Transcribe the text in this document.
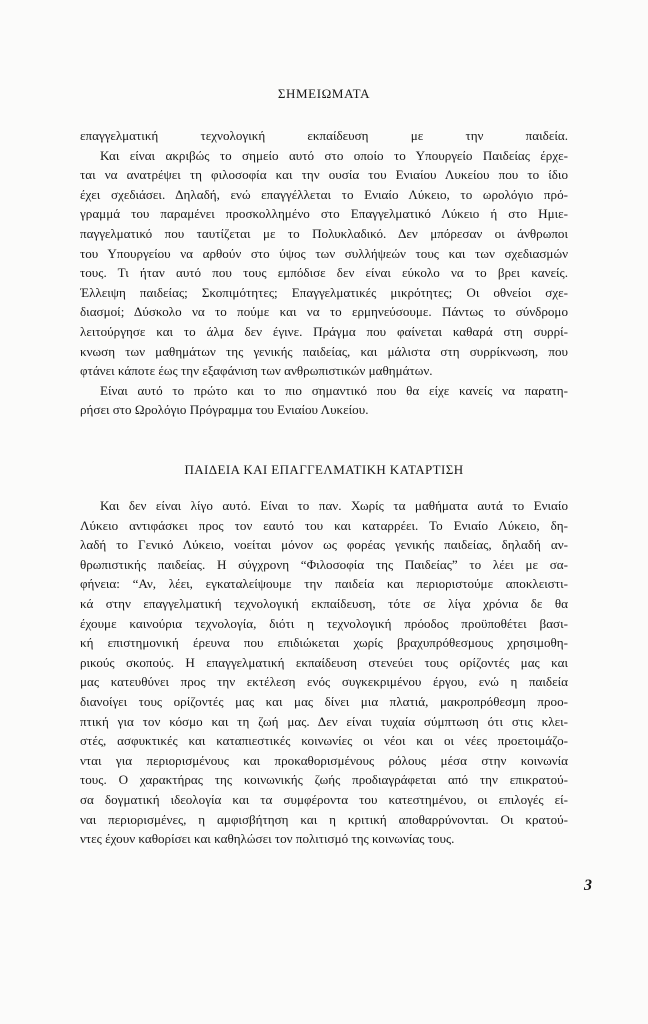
ΣΗΜΕΙΩΜΑΤΑ
επαγγελματική τεχνολογική εκπαίδευση με την παιδεία.
Και είναι ακριβώς το σημείο αυτό στο οποίο το Υπουργείο Παιδείας έρχε-
ται να ανατρέψει τη φιλοσοφία και την ουσία του Ενιαίου Λυκείου που το ίδιο
έχει σχεδιάσει. Δηλαδή, ενώ επαγγέλλεται το Ενιαίο Λύκειο, το ωρολόγιο πρό-
γραμμά του παραμένει προσκολλημένο στο Επαγγελματικό Λύκειο ή στο Ημιε-
παγγελματικό που ταυτίζεται με το Πολυκλαδικό. Δεν μπόρεσαν οι άνθρωποι
του Υπουργείου να αρθούν στο ύψος των συλλήψεών τους και των σχεδιασμών
τους. Τι ήταν αυτό που τους εμπόδισε δεν είναι εύκολο να το βρει κανείς.
Έλλειψη παιδείας; Σκοπιμότητες; Επαγγελματικές μικρότητες; Οι οθνείοι σχε-
διασμοί; Δύσκολο να το πούμε και να το ερμηνεύσουμε. Πάντως το σύνδρομο
λειτούργησε και το άλμα δεν έγινε. Πράγμα που φαίνεται καθαρά στη συρρί-
κνωση των μαθημάτων της γενικής παιδείας, και μάλιστα στη συρρίκνωση, που
φτάνει κάποτε έως την εξαφάνιση των ανθρωπιστικών μαθημάτων.
Είναι αυτό το πρώτο και το πιο σημαντικό που θα είχε κανείς να παρατη-
ρήσει στο Ωρολόγιο Πρόγραμμα του Ενιαίου Λυκείου.
ΠΑΙΔΕΙΑ ΚΑΙ ΕΠΑΓΓΕΛΜΑΤΙΚΗ ΚΑΤΑΡΤΙΣΗ
Και δεν είναι λίγο αυτό. Είναι το παν. Χωρίς τα μαθήματα αυτά το Ενιαίο
Λύκειο αντιφάσκει προς τον εαυτό του και καταρρέει. Το Ενιαίο Λύκειο, δη-
λαδή το Γενικό Λύκειο, νοείται μόνον ως φορέας γενικής παιδείας, δηλαδή αν-
θρωπιστικής παιδείας. Η σύγχρονη “Φιλοσοφία της Παιδείας” το λέει με σα-
φήνεια: “Αν, λέει, εγκαταλείψουμε την παιδεία και περιοριστούμε αποκλειστι-
κά στην επαγγελματική τεχνολογική εκπαίδευση, τότε σε λίγα χρόνια δε θα
έχουμε καινούρια τεχνολογία, διότι η τεχνολογική πρόοδος προϋποθέτει βασι-
κή επιστημονική έρευνα που επιδιώκεται χωρίς βραχυπρόθεσμους χρησιμοθη-
ρικούς σκοπούς. Η επαγγελματική εκπαίδευση στενεύει τους ορίζοντές μας και
μας κατευθύνει προς την εκτέλεση ενός συγκεκριμένου έργου, ενώ η παιδεία
διανοίγει τους ορίζοντές μας και μας δίνει μια πλατιά, μακροπρόθεσμη προο-
πτική για τον κόσμο και τη ζωή μας. Δεν είναι τυχαία σύμπτωση ότι στις κλει-
στές, ασφυκτικές και καταπιεστικές κοινωνίες οι νέοι και οι νέες προετοιμάζο-
νται για περιορισμένους και προκαθορισμένους ρόλους μέσα στην κοινωνία
τους. Ο χαρακτήρας της κοινωνικής ζωής προδιαγράφεται από την επικρατού-
σα δογματική ιδεολογία και τα συμφέροντα του κατεστημένου, οι επιλογές εί-
ναι περιορισμένες, η αμφισβήτηση και η κριτική αποθαρρύνονται. Οι κρατού-
ντες έχουν καθορίσει και καθηλώσει τον πολιτισμό της κοινωνίας τους.
3
